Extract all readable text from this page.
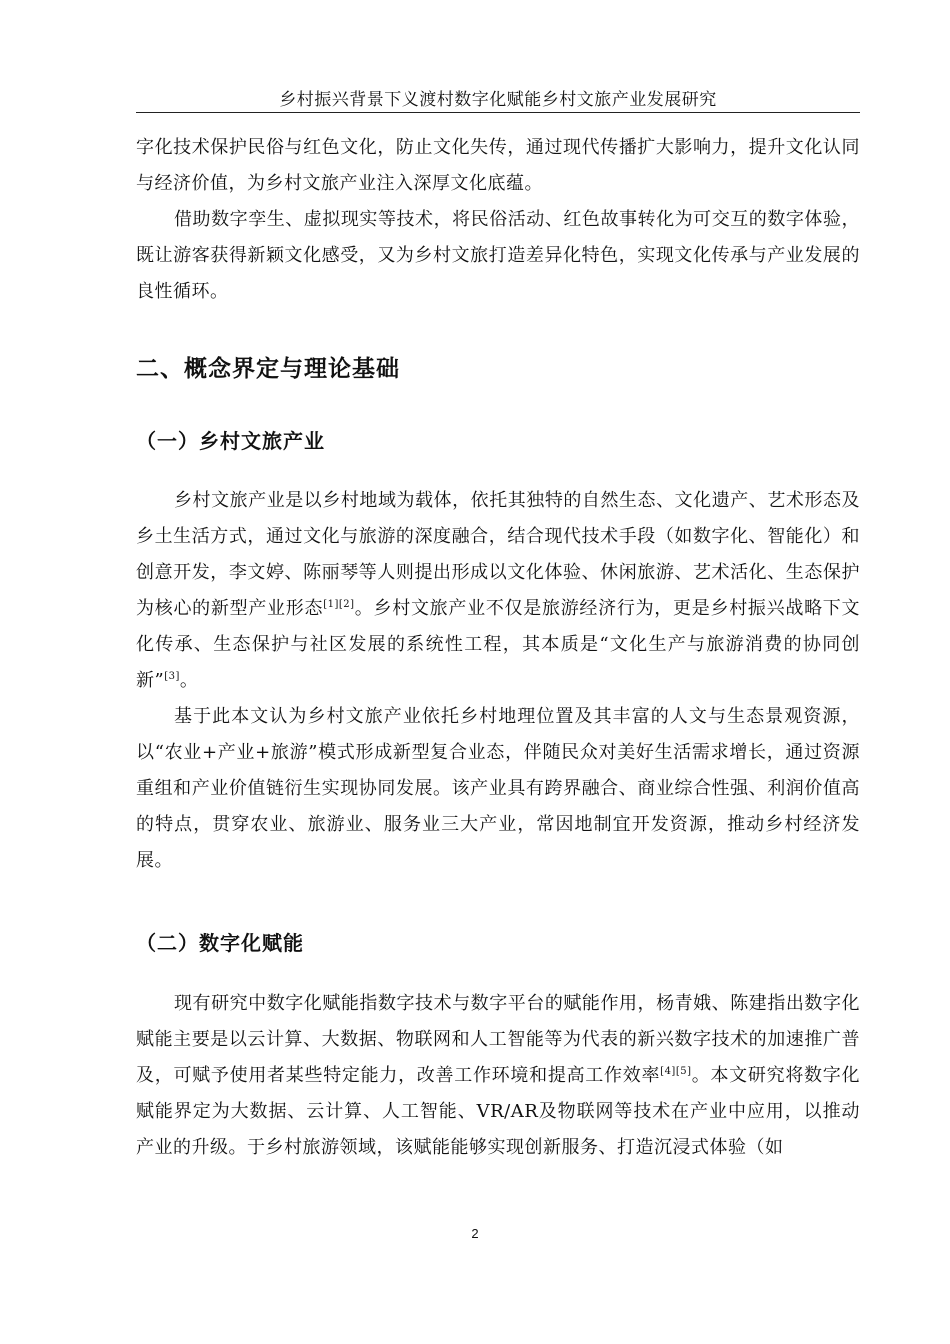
乡村振兴背景下义渡村数字化赋能乡村文旅产业发展研究

字化技术保护民俗与红色文化，防止文化失传，通过现代传播扩大影响力，提升文化认同与经济价值，为乡村文旅产业注入深厚文化底蕴。

借助数字孪生、虚拟现实等技术，将民俗活动、红色故事转化为可交互的数字体验，既让游客获得新颖文化感受，又为乡村文旅打造差异化特色，实现文化传承与产业发展的良性循环。

二、概念界定与理论基础
（一）乡村文旅产业

乡村文旅产业是以乡村地域为载体，依托其独特的自然生态、文化遗产、艺术形态及乡土生活方式，通过文化与旅游的深度融合，结合现代技术手段（如数字化、智能化）和创意开发，李文婷、陈丽琴等人则提出形成以文化体验、休闲旅游、艺术活化、生态保护为核心的新型产业形态[1][2]。乡村文旅产业不仅是旅游经济行为，更是乡村振兴战略下文化传承、生态保护与社区发展的系统性工程，其本质是“文化生产与旅游消费的协同创新”[3]。

基于此本文认为乡村文旅产业依托乡村地理位置及其丰富的人文与生态景观资源，以“农业+产业+旅游”模式形成新型复合业态，伴随民众对美好生活需求增长，通过资源重组和产业价值链衍生实现协同发展。该产业具有跨界融合、商业综合性强、利润价值高的特点，贯穿农业、旅游业、服务业三大产业，常因地制宜开发资源，推动乡村经济发展。

（二）数字化赋能

现有研究中数字化赋能指数字技术与数字平台的赋能作用，杨青娥、陈建指出数字化赋能主要是以云计算、大数据、物联网和人工智能等为代表的新兴数字技术的加速推广普及，可赋予使用者某些特定能力，改善工作环境和提高工作效率[4][5]。本文研究将数字化赋能界定为大数据、云计算、人工智能、VR/AR及物联网等技术在产业中应用，以推动产业的升级。于乡村旅游领域，该赋能能够实现创新服务、打造沉浸式体验（如

2
